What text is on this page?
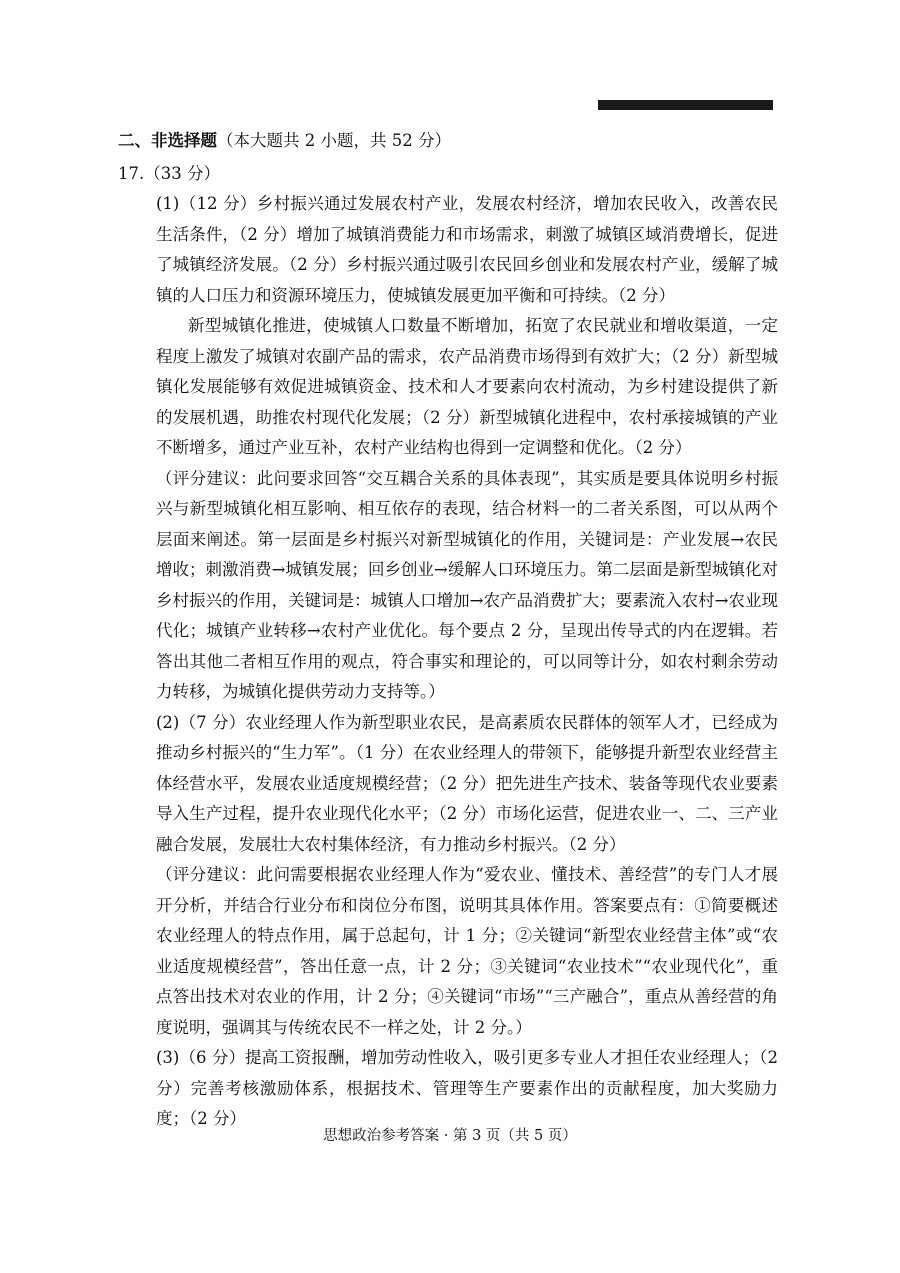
二、非选择题（本大题共 2 小题，共 52 分）

17.（33 分）

(1)（12 分）乡村振兴通过发展农村产业，发展农村经济，增加农民收入，改善农民生活条件，（2 分）增加了城镇消费能力和市场需求，刺激了城镇区域消费增长，促进了城镇经济发展。（2 分）乡村振兴通过吸引农民回乡创业和发展农村产业，缓解了城镇的人口压力和资源环境压力，使城镇发展更加平衡和可持续。（2 分）

新型城镇化推进，使城镇人口数量不断增加，拓宽了农民就业和增收渠道，一定程度上激发了城镇对农副产品的需求，农产品消费市场得到有效扩大；（2 分）新型城镇化发展能够有效促进城镇资金、技术和人才要素向农村流动，为乡村建设提供了新的发展机遇，助推农村现代化发展；（2 分）新型城镇化进程中，农村承接城镇的产业不断增多，通过产业互补，农村产业结构也得到一定调整和优化。（2 分）

（评分建议：此问要求回答“交互耦合关系的具体表现”，其实质是要具体说明乡村振兴与新型城镇化相互影响、相互依存的表现，结合材料一的二者关系图，可以从两个层面来阐述。第一层面是乡村振兴对新型城镇化的作用，关键词是：产业发展→农民增收；刺激消费→城镇发展；回乡创业→缓解人口环境压力。第二层面是新型城镇化对乡村振兴的作用，关键词是：城镇人口增加→农产品消费扩大；要素流入农村→农业现代化；城镇产业转移→农村产业优化。每个要点 2 分，呈现出传导式的内在逻辑。若答出其他二者相互作用的观点，符合事实和理论的，可以同等计分，如农村剩余劳动力转移，为城镇化提供劳动力支持等。）

(2)（7 分）农业经理人作为新型职业农民，是高素质农民群体的领军人才，已经成为推动乡村振兴的“生力军”。（1 分）在农业经理人的带领下，能够提升新型农业经营主体经营水平，发展农业适度规模经营；（2 分）把先进生产技术、装备等现代农业要素导入生产过程，提升农业现代化水平；（2 分）市场化运营，促进农业一、二、三产业融合发展，发展壮大农村集体经济，有力推动乡村振兴。（2 分）

（评分建议：此问需要根据农业经理人作为“爱农业、懂技术、善经营”的专门人才展开分析，并结合行业分布和岗位分布图，说明其具体作用。答案要点有：①简要概述农业经理人的特点作用，属于总起句，计 1 分；②关键词“新型农业经营主体”或“农业适度规模经营”，答出任意一点，计 2 分；③关键词“农业技术”“农业现代化”，重点答出技术对农业的作用，计 2 分；④关键词“市场”“三产融合”，重点从善经营的角度说明，强调其与传统农民不一样之处，计 2 分。）

(3)（6 分）提高工资报酬，增加劳动性收入，吸引更多专业人才担任农业经理人；（2 分）完善考核激励体系，根据技术、管理等生产要素作出的贡献程度，加大奖励力度；（2 分）

思想政治参考答案 · 第 3 页（共 5 页）
